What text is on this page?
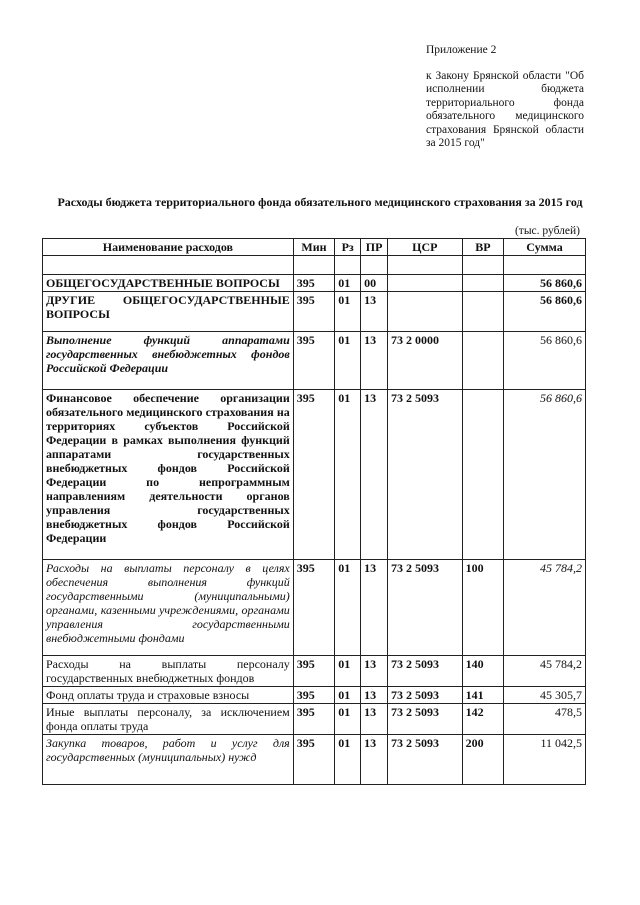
Приложение 2
к Закону Брянской области "Об исполнении бюджета территориального фонда обязательного медицинского страхования Брянской области за 2015 год"
Расходы бюджета территориального фонда обязательного медицинского страхования за 2015 год
(тыс. рублей)
Наименование расходов	Мин	Рз	ПР	ЦСР	ВР	Сумма

ОБЩЕГОСУДАРСТВЕННЫЕ ВОПРОСЫ	395	01	00			56 860,6
ДРУГИЕ ОБЩЕГОСУДАРСТВЕННЫЕ ВОПРОСЫ	395	01	13			56 860,6
Выполнение функций аппаратами государственных внебюджетных фондов Российской Федерации	395	01	13	73 2 0000		56 860,6
Финансовое обеспечение организации обязательного медицинского страхования на территориях субъектов Российской Федерации в рамках выполнения функций аппаратами государственных внебюджетных фондов Российской Федерации по непрограммным направлениям деятельности органов управления государственных внебюджетных фондов Российской Федерации	395	01	13	73 2 5093		56 860,6
Расходы на выплаты персоналу в целях обеспечения выполнения функций государственными (муниципальными) органами, казенными учреждениями, органами управления государственными внебюджетными фондами	395	01	13	73 2 5093	100	45 784,2
Расходы на выплаты персоналу государственных внебюджетных фондов	395	01	13	73 2 5093	140	45 784,2
Фонд оплаты труда и страховые взносы	395	01	13	73 2 5093	141	45 305,7
Иные выплаты персоналу, за исключением фонда оплаты труда	395	01	13	73 2 5093	142	478,5
Закупка товаров, работ и услуг для государственных (муниципальных) нужд	395	01	13	73 2 5093	200	11 042,5
